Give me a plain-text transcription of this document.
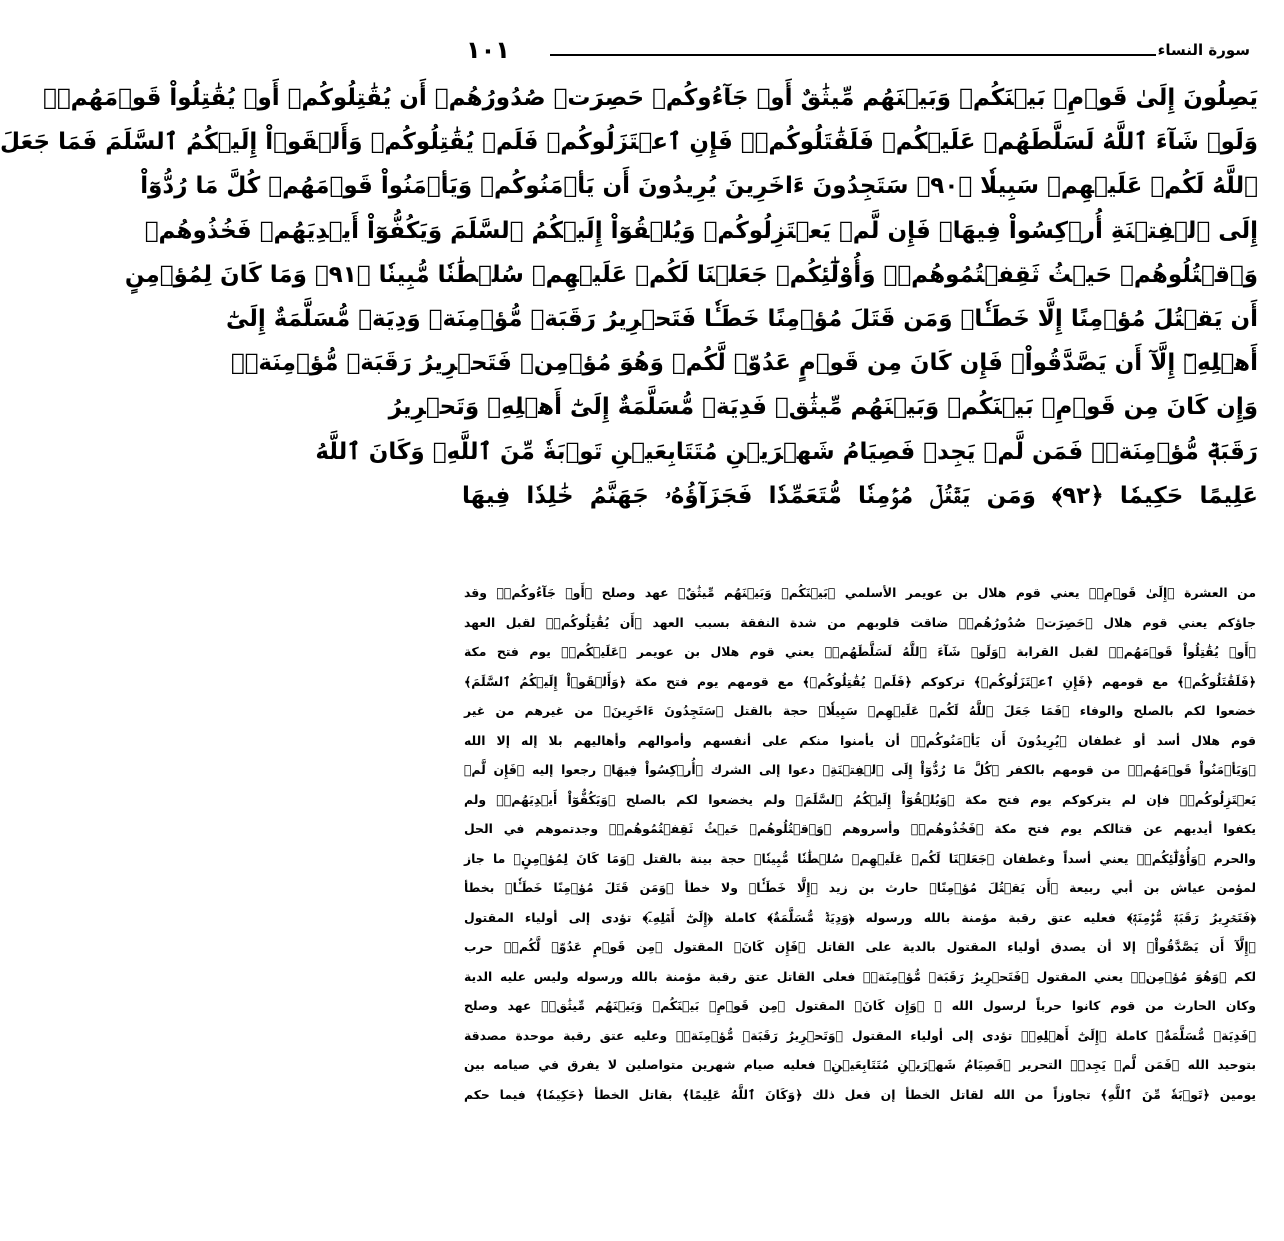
١٠١	سورة النساء
يَصِلُونَ إِلَىٰ قَوۡمِۭ بَيۡنَكُمۡ وَبَيۡنَهُم مِّيثَٰقٌ أَوۡ جَآءُوكُمۡ حَصِرَتۡ صُدُورُهُمۡ أَن يُقَٰتِلُوكُمۡ أَوۡ يُقَٰتِلُواْ قَوۡمَهُمۡۚ
وَلَوۡ شَآءَ ٱللَّهُ لَسَلَّطَهُمۡ عَلَيۡكُمۡ فَلَقَٰتَلُوكُمۡۚ فَإِنِ ٱعۡتَزَلُوكُمۡ فَلَمۡ يُقَٰتِلُوكُمۡ وَأَلۡقَوۡاْ إِلَيۡكُمُ ٱلسَّلَمَ فَمَا جَعَلَ
ٱللَّهُ لَكُمۡ عَلَيۡهِمۡ سَبِيلٗا ﴿٩٠﴾ سَتَجِدُونَ ءَاخَرِينَ يُرِيدُونَ أَن يَأۡمَنُوكُمۡ وَيَأۡمَنُواْ قَوۡمَهُمۡ كُلَّ مَا رُدُّوٓاْ
إِلَى ٱلۡفِتۡنَةِ أُرۡكِسُواْ فِيهَاۚ فَإِن لَّمۡ يَعۡتَزِلُوكُمۡ وَيُلۡقُوٓاْ إِلَيۡكُمُ ٱلسَّلَمَ وَيَكُفُّوٓاْ أَيۡدِيَهُمۡ فَخُذُوهُمۡ
وَٱقۡتُلُوهُمۡ حَيۡثُ ثَقِفۡتُمُوهُمۡۚ وَأُوْلَٰٓئِكُمۡ جَعَلۡنَا لَكُمۡ عَلَيۡهِمۡ سُلۡطَٰنٗا مُّبِينٗا ﴿٩١﴾ وَمَا كَانَ لِمُؤۡمِنٍ
أَن يَقۡتُلَ مُؤۡمِنًا إِلَّا خَطَـٔٗاۚ وَمَن قَتَلَ مُؤۡمِنًا خَطَـٔٗا فَتَحۡرِيرُ رَقَبَةٖ مُّؤۡمِنَةٖ وَدِيَةٞ مُّسَلَّمَةٌ إِلَىٰٓ
أَهۡلِهِۦٓ إِلَّآ أَن يَصَّدَّقُواْۚ فَإِن كَانَ مِن قَوۡمٍ عَدُوّٖ لَّكُمۡ وَهُوَ مُؤۡمِنٞ فَتَحۡرِيرُ رَقَبَةٖ مُّؤۡمِنَةٖۖ
وَإِن كَانَ مِن قَوۡمِۭ بَيۡنَكُمۡ وَبَيۡنَهُم مِّيثَٰقٞ فَدِيَةٞ مُّسَلَّمَةٌ إِلَىٰٓ أَهۡلِهِۦ وَتَحۡرِيرُ
رَقَبَةٖ مُّؤۡمِنَةٖۖ فَمَن لَّمۡ يَجِدۡ فَصِيَامُ شَهۡرَيۡنِ مُتَتَابِعَيۡنِ تَوۡبَةٗ مِّنَ ٱللَّهِۗ وَكَانَ ٱللَّهُ
عَلِيمًا حَكِيمٗا ﴿٩٢﴾ وَمَن يَقۡتُلۡ مُؤۡمِنٗا مُّتَعَمِّدٗا فَجَزَآؤُهُۥ جَهَنَّمُ خَٰلِدٗا فِيهَا
من العشرة ﴿إِلَىٰ قَوۡمِۭ﴾ يعني قوم هلال بن عويمر الأسلمي ﴿بَيۡنَكُمۡ وَبَيۡنَهُم مِّيثَٰقٌ﴾ عهد وصلح ﴿أَوۡ جَآءُوكُمۡ﴾ وقد
جاؤكم يعني قوم هلال ﴿حَصِرَتۡ صُدُورُهُمۡ﴾ ضاقت قلوبهم من شدة النفقة بسبب العهد ﴿أَن يُقَٰتِلُوكُمۡ﴾ لقبل العهد
﴿أَوۡ يُقَٰتِلُواْ قَوۡمَهُمۡ﴾ لقبل القرابة ﴿وَلَوۡ شَآءَ ٱللَّهُ لَسَلَّطَهُمۡ﴾ يعني قوم هلال بن عويمر ﴿عَلَيۡكُمۡ﴾ يوم فتح مكة
﴿فَلَقَٰتَلُوكُمۡ﴾ مع قومهم ﴿فَإِنِ ٱعۡتَزَلُوكُمۡ﴾ تركوكم ﴿فَلَمۡ يُقَٰتِلُوكُمۡ﴾ مع قومهم يوم فتح مكة ﴿وَأَلۡقَوۡاْ إِلَيۡكُمُ ٱلسَّلَمَ﴾
خضعوا لكم بالصلح والوفاء ﴿فَمَا جَعَلَ ٱللَّهُ لَكُمۡ عَلَيۡهِمۡ سَبِيلٗا﴾ حجة بالقتل ﴿سَتَجِدُونَ ءَاخَرِينَ﴾ من غيرهم من غير
قوم هلال أسد أو غطفان ﴿يُرِيدُونَ أَن يَأۡمَنُوكُمۡ﴾ أن يأمنوا منكم على أنفسهم وأموالهم وأهاليهم بلا إله إلا الله
﴿وَيَأۡمَنُواْ قَوۡمَهُمۡ﴾ من قومهم بالكفر ﴿كُلَّ مَا رُدُّوٓاْ إِلَى ٱلۡفِتۡنَةِ﴾ دعوا إلى الشرك ﴿أُرۡكِسُواْ فِيهَا﴾ رجعوا إليه ﴿فَإِن لَّمۡ
يَعۡتَزِلُوكُمۡ﴾ فإن لم يتركوكم يوم فتح مكة ﴿وَيُلۡقُوٓاْ إِلَيۡكُمُ ٱلسَّلَمَ﴾ ولم يخضعوا لكم بالصلح ﴿وَيَكُفُّوٓاْ أَيۡدِيَهُمۡ﴾ ولم
يكفوا أيديهم عن قتالكم يوم فتح مكة ﴿فَخُذُوهُمۡ﴾ وأسروهم ﴿وَٱقۡتُلُوهُمۡ حَيۡثُ ثَقِفۡتُمُوهُمۡ﴾ وجدتموهم في الحل
والحرم ﴿وَأُوْلَٰٓئِكُمۡ﴾ يعني أسداً وغطفان ﴿جَعَلۡنَا لَكُمۡ عَلَيۡهِمۡ سُلۡطَٰنٗا مُّبِينٗا﴾ حجة بينة بالقتل ﴿وَمَا كَانَ لِمُؤۡمِنٍ﴾ ما جاز
لمؤمن عياش بن أبي ربيعة ﴿أَن يَقۡتُلَ مُؤۡمِنًا﴾ حارث بن زيد ﴿إِلَّا خَطَـٔٗا﴾ ولا خطأ ﴿وَمَن قَتَلَ مُؤۡمِنًا خَطَـٔٗا﴾ بخطأ
﴿فَتَحۡرِيرُ رَقَبَةٖ مُّؤۡمِنَةٖ﴾ فعليه عتق رقبة مؤمنة بالله ورسوله ﴿وَدِيَةٞ مُّسَلَّمَةٌ﴾ كاملة ﴿إِلَىٰٓ أَهۡلِهِۦٓ﴾ تؤدى إلى أولياء المقتول
﴿إِلَّآ أَن يَصَّدَّقُواْ﴾ إلا أن يصدق أولياء المقتول بالدية على القاتل ﴿فَإِن كَانَ﴾ المقتول ﴿مِن قَوۡمٍ عَدُوّٖ لَّكُمۡ﴾ حرب
لكم ﴿وَهُوَ مُؤۡمِنٞ﴾ يعني المقتول ﴿فَتَحۡرِيرُ رَقَبَةٖ مُّؤۡمِنَةٖ﴾ فعلى القاتل عتق رقبة مؤمنة بالله ورسوله وليس عليه الدية
وكان الحارث من قوم كانوا حرباً لرسول الله ﷺ ﴿وَإِن كَانَ﴾ المقتول ﴿مِن قَوۡمِۭ بَيۡنَكُمۡ وَبَيۡنَهُم مِّيثَٰقٞ﴾ عهد وصلح
﴿فَدِيَةٞ مُّسَلَّمَةٌ﴾ كاملة ﴿إِلَىٰٓ أَهۡلِهِۦ﴾ تؤدى إلى أولياء المقتول ﴿وَتَحۡرِيرُ رَقَبَةٖ مُّؤۡمِنَةٖ﴾ وعليه عتق رقبة موحدة مصدقة
بتوحيد الله ﴿فَمَن لَّمۡ يَجِدۡ﴾ التحرير ﴿فَصِيَامُ شَهۡرَيۡنِ مُتَتَابِعَيۡنِ﴾ فعليه صيام شهرين متواصلين لا يفرق في صيامه بين
يومين ﴿تَوۡبَةٗ مِّنَ ٱللَّهِ﴾ تجاوزاً من الله لقاتل الخطأ إن فعل ذلك ﴿وَكَانَ ٱللَّهُ عَلِيمًا﴾ بقاتل الخطأ ﴿حَكِيمٗا﴾ فيما حكم
